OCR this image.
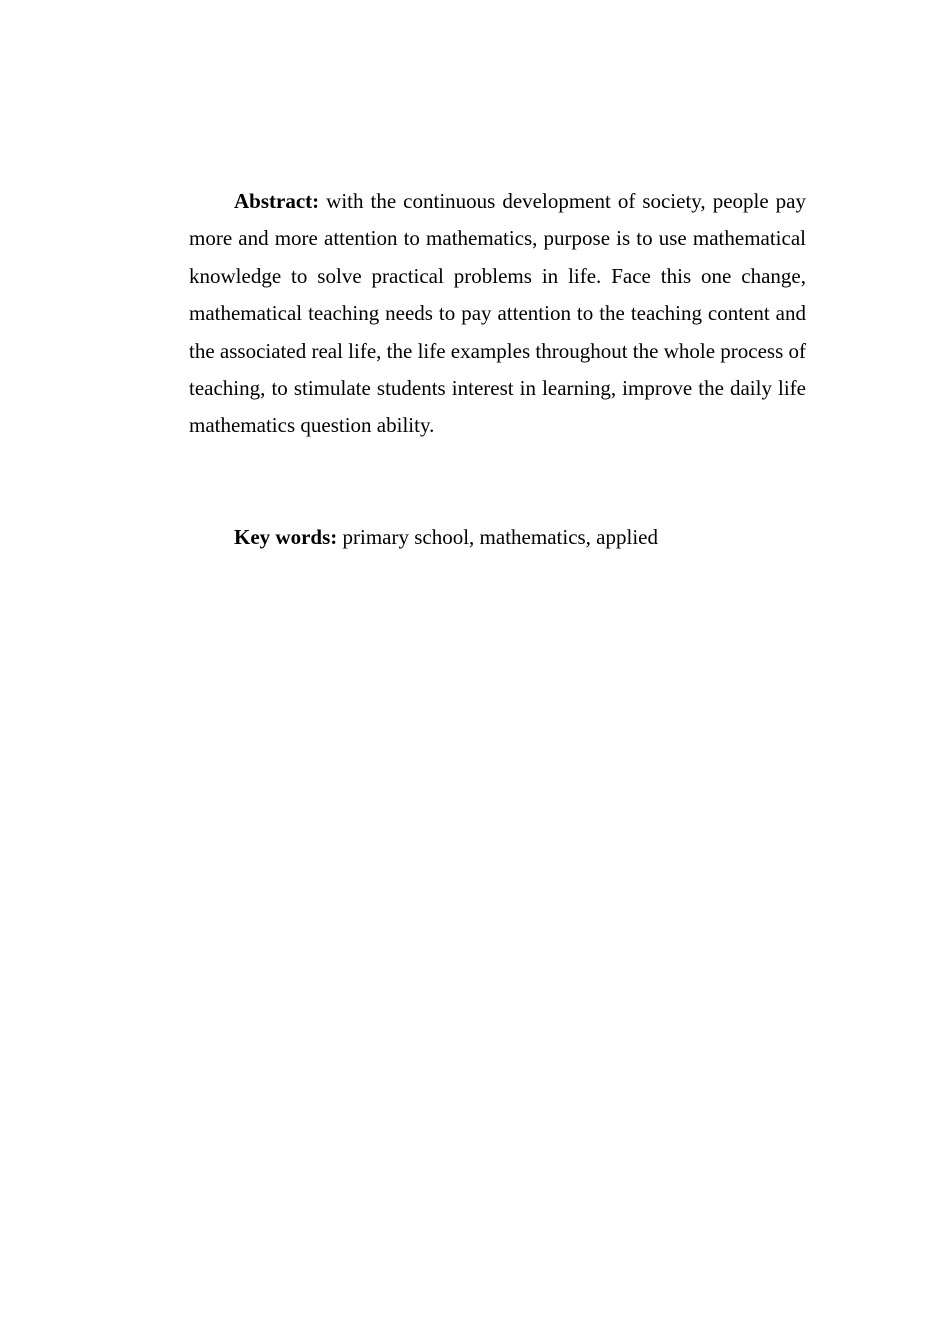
Abstract: with the continuous development of society, people pay more and more attention to mathematics, purpose is to use mathematical knowledge to solve practical problems in life. Face this one change, mathematical teaching needs to pay attention to the teaching content and the associated real life, the life examples throughout the whole process of teaching, to stimulate students interest in learning, improve the daily life mathematics question ability.

Key words: primary school, mathematics, applied
